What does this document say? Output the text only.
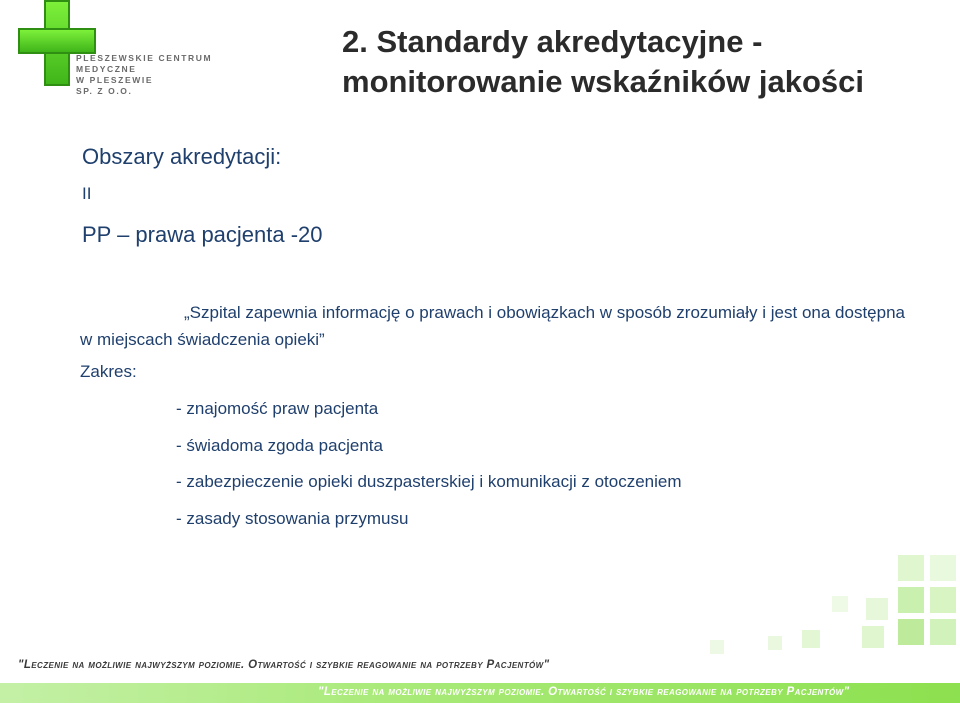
PLESZEWSKIE CENTRUM MEDYCZNE
W PLESZEWIE
SP. Z O.O.
2. Standardy akredytacyjne -
monitorowanie wskaźników jakości
Obszary akredytacji:
II
PP – prawa pacjenta -20
„Szpital zapewnia informację o prawach i obowiązkach w sposób zrozumiały i jest ona dostępna w miejscach świadczenia opieki”
Zakres:
- znajomość praw pacjenta
- świadoma zgoda pacjenta
- zabezpieczenie opieki duszpasterskiej i komunikacji z otoczeniem
- zasady stosowania przymusu
"Leczenie na możliwie najwyższym poziomie. Otwartość i szybkie reagowanie na potrzeby Pacjentów"
"Leczenie na możliwie najwyższym poziomie. Otwartość i szybkie reagowanie na potrzeby Pacjentów"
